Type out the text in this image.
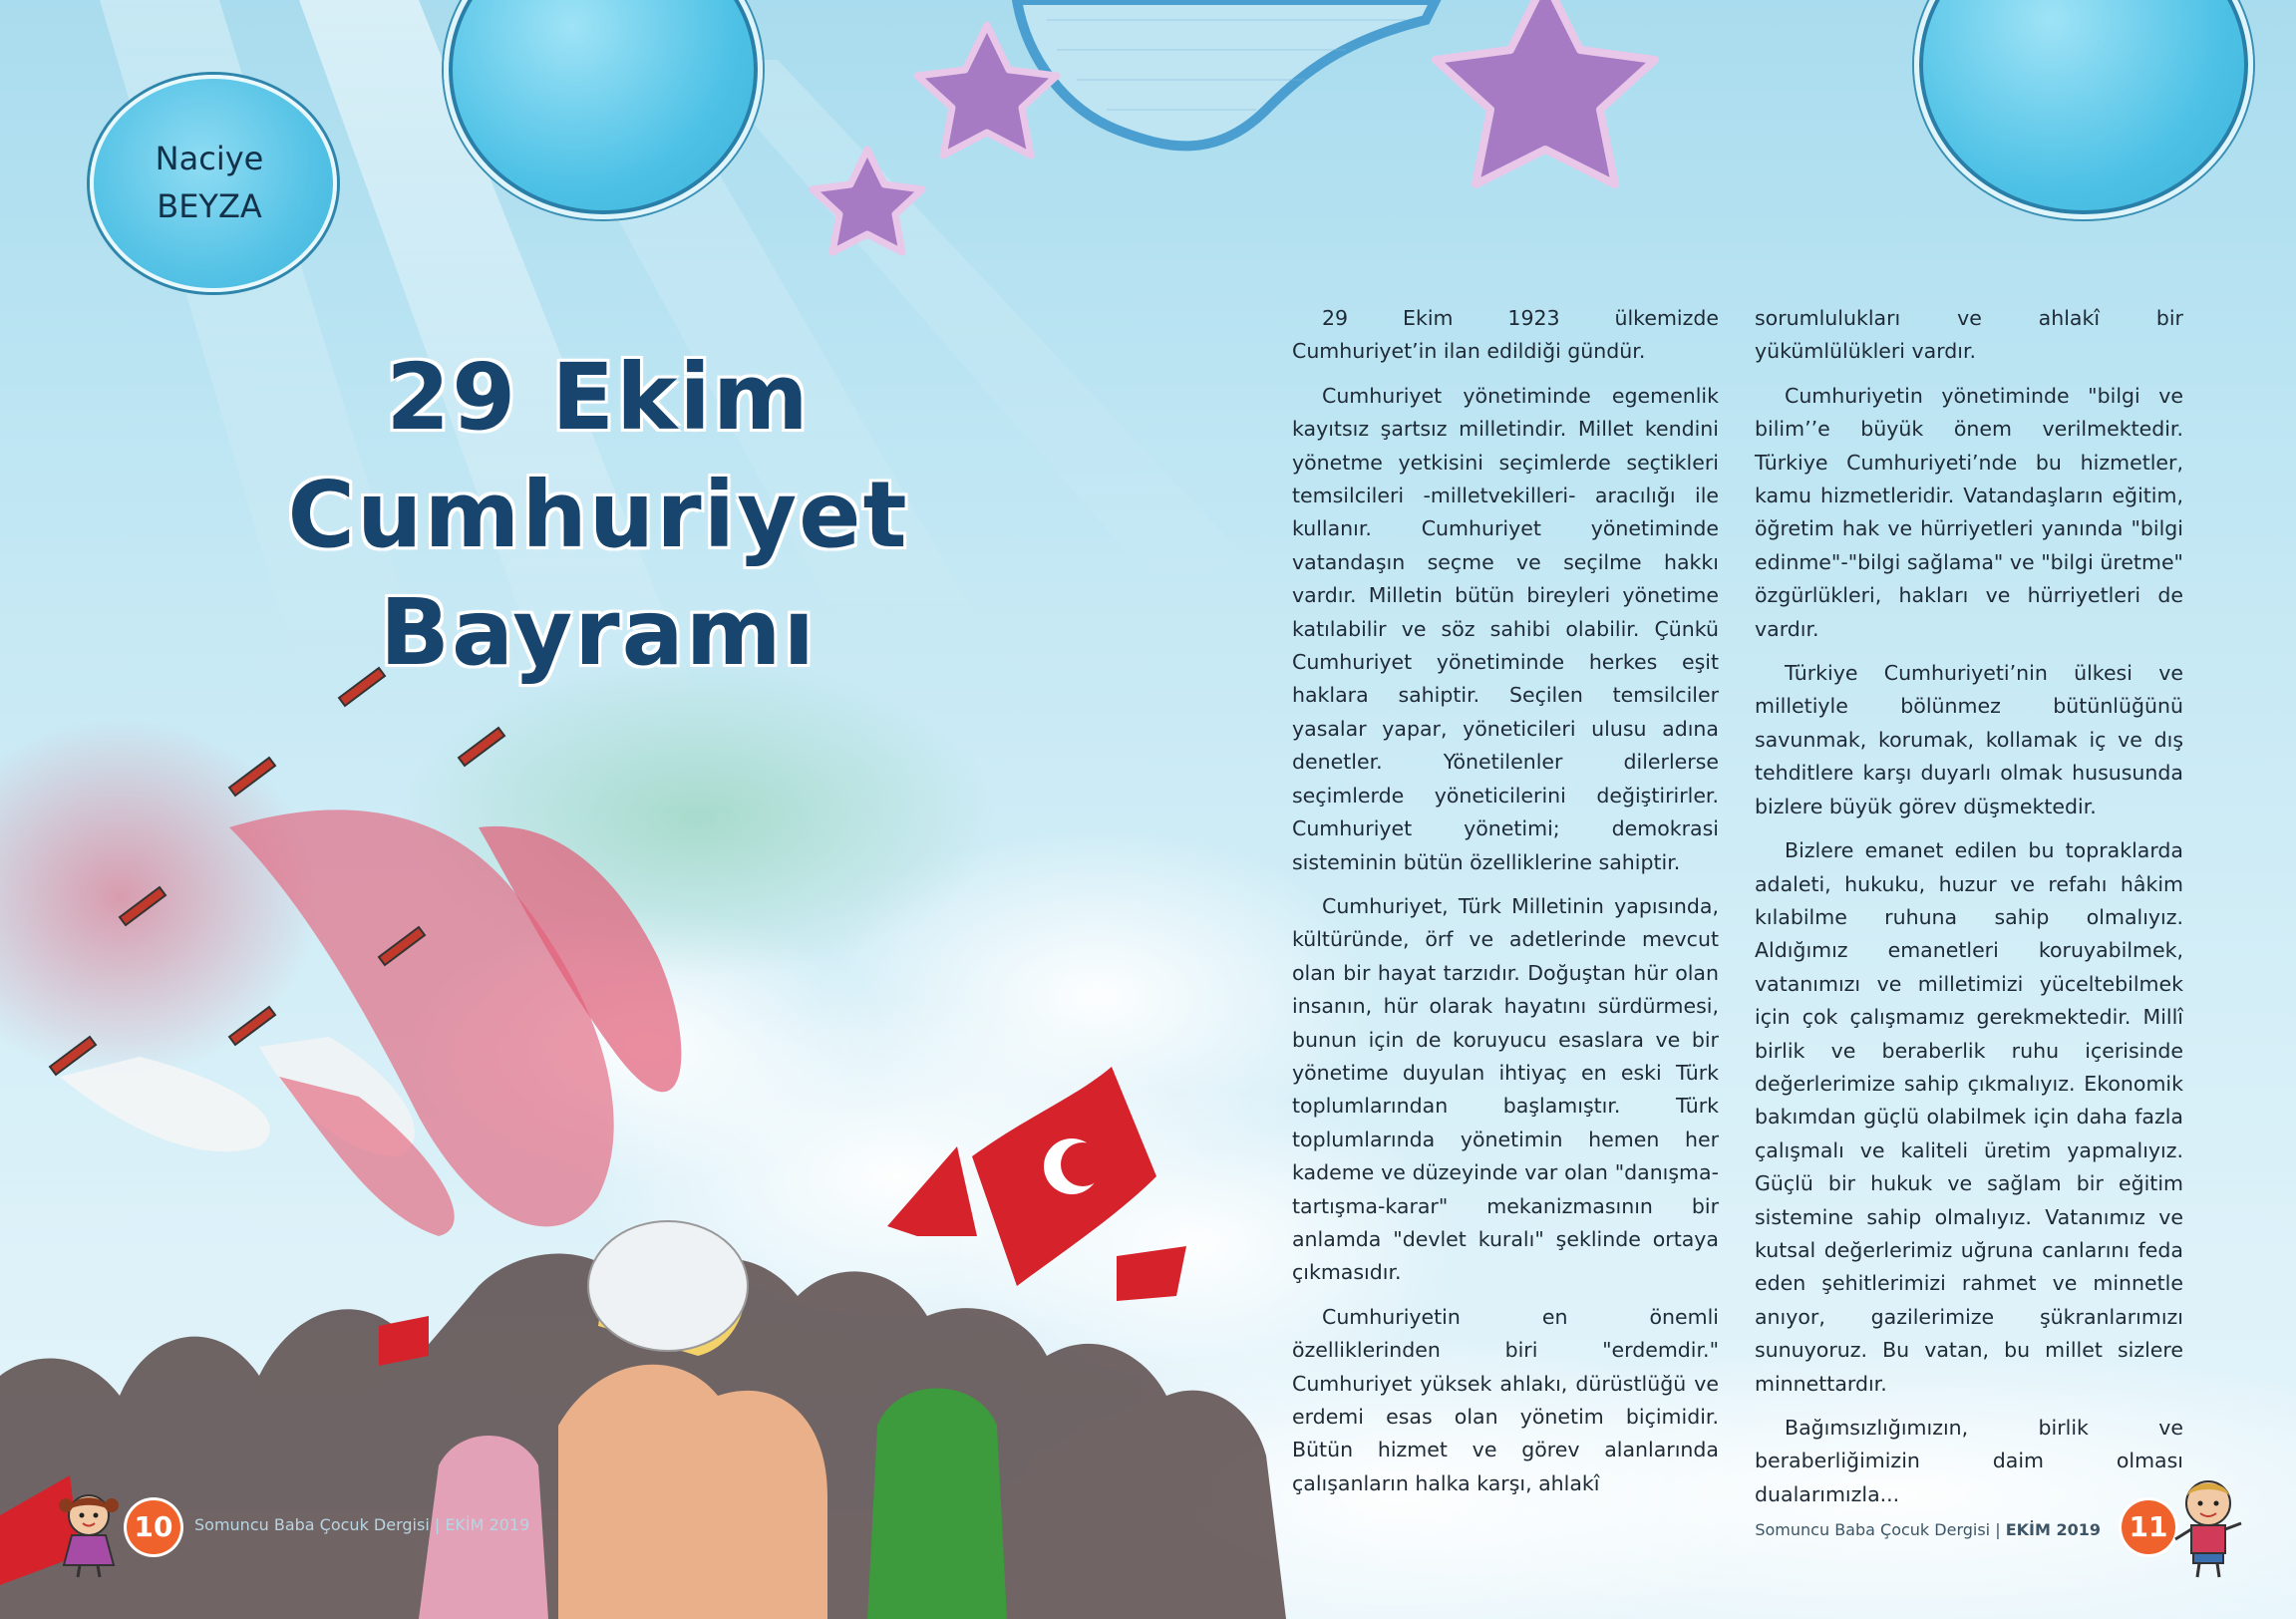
Naciye
BEYZA
29 Ekim
Cumhuriyet
Bayramı

29 Ekim 1923 ülkemizde Cumhuriyet’in ilan edildiği gündür.

Cumhuriyet yönetiminde egemenlik kayıtsız şartsız milletindir. Millet kendini yönetme yetkisini seçimlerde seçtikleri temsilcileri -milletvekilleri- aracılığı ile kullanır. Cumhuriyet yönetiminde vatandaşın seçme ve seçilme hakkı vardır. Milletin bütün bireyleri yönetime katılabilir ve söz sahibi olabilir. Çünkü Cumhuriyet yönetiminde herkes eşit haklara sahiptir. Seçilen temsilciler yasalar yapar, yöneticileri ulusu adına denetler. Yönetilenler dilerlerse seçimlerde yöneticilerini değiştirirler. Cumhuriyet yönetimi; demokrasi sisteminin bütün özelliklerine sahiptir.

Cumhuriyet, Türk Milletinin yapısında, kültüründe, örf ve adetlerinde mevcut olan bir hayat tarzıdır. Doğuştan hür olan insanın, hür olarak hayatını sürdürmesi, bunun için de koruyucu esaslara ve bir yönetime duyulan ihtiyaç en eski Türk toplumlarından başlamıştır. Türk toplumlarında yönetimin hemen her kademe ve düzeyinde var olan "danışma-tartışma-karar" mekanizmasının bir anlamda "devlet kuralı" şeklinde ortaya çıkmasıdır.

Cumhuriyetin en önemli özelliklerinden biri "erdemdir." Cumhuriyet yüksek ahlakı, dürüstlüğü ve erdemi esas olan yönetim biçimidir. Bütün hizmet ve görev alanlarında çalışanların halka karşı, ahlakî

sorumlulukları ve ahlakî bir yükümlülükleri vardır.

Cumhuriyetin yönetiminde "bilgi ve bilim’’e büyük önem verilmektedir. Türkiye Cumhuriyeti’nde bu hizmetler, kamu hizmetleridir. Vatandaşların eğitim, öğretim hak ve hürriyetleri yanında "bilgi edinme"-"bilgi sağlama" ve "bilgi üretme" özgürlükleri, hakları ve hürriyetleri de vardır.

Türkiye Cumhuriyeti’nin ülkesi ve milletiyle bölünmez bütünlüğünü savunmak, korumak, kollamak iç ve dış tehditlere karşı duyarlı olmak hususunda bizlere büyük görev düşmektedir.

Bizlere emanet edilen bu topraklarda adaleti, hukuku, huzur ve refahı hâkim kılabilme ruhuna sahip olmalıyız. Aldığımız emanetleri koruyabilmek, vatanımızı ve milletimizi yüceltebilmek için çok çalışmamız gerekmektedir. Millî birlik ve beraberlik ruhu içerisinde değerlerimize sahip çıkmalıyız. Ekonomik bakımdan güçlü olabilmek için daha fazla çalışmalı ve kaliteli üretim yapmalıyız. Güçlü bir hukuk ve sağlam bir eğitim sistemine sahip olmalıyız. Vatanımız ve kutsal değerlerimiz uğruna canlarını feda eden şehitlerimizi rahmet ve minnetle anıyor, gazilerimize şükranlarımızı sunuyoruz. Bu vatan, bu millet sizlere minnettardır.

Bağımsızlığımızın, birlik ve beraberliğimizin daim olması dualarımızla...

10	Somuncu Baba Çocuk Dergisi | EKİM 2019	Somuncu Baba Çocuk Dergisi | EKİM 2019 11
